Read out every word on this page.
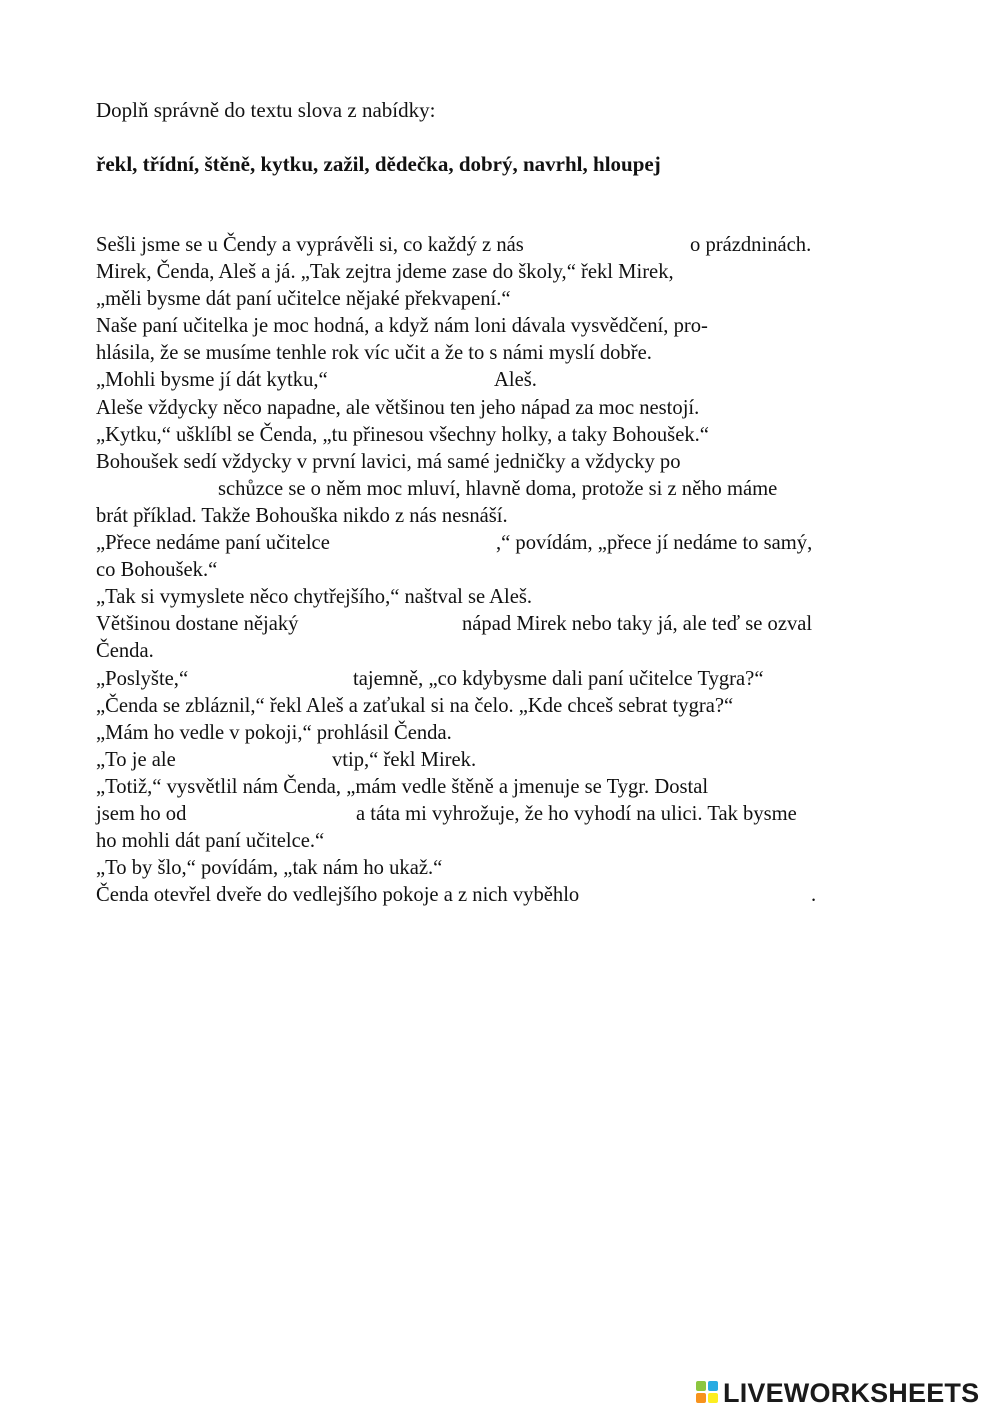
Doplň správně do textu slova z nabídky:
řekl, třídní, štěně, kytku, zažil, dědečka, dobrý, navrhl, hloupej
Sešli jsme se u Čendy a vyprávěli si, co každý z nás	o prázdninách.
Mirek, Čenda, Aleš a já. „Tak zejtra jdeme zase do školy,“ řekl Mirek,
„měli bysme dát paní učitelce nějaké překvapení.“
Naše paní učitelka je moc hodná, a když nám loni dávala vysvědčení, pro-
hlásila, že se musíme tenhle rok víc učit a že to s námi myslí dobře.
„Mohli bysme jí dát kytku,“	Aleš.
Aleše vždycky něco napadne, ale většinou ten jeho nápad za moc nestojí.
„Kytku,“ ušklíbl se Čenda, „tu přinesou všechny holky, a taky Bohoušek.“
Bohoušek sedí vždycky v první lavici, má samé jedničky a vždycky po
schůzce se o něm moc mluví, hlavně doma, protože si z něho máme
brát příklad. Takže Bohouška nikdo z nás nesnáší.
„Přece nedáme paní učitelce	,“ povídám, „přece jí nedáme to samý,
co Bohoušek.“
„Tak si vymyslete něco chytřejšího,“ naštval se Aleš.
Většinou dostane nějaký	nápad Mirek nebo taky já, ale teď se ozval
Čenda.
„Poslyšte,“	tajemně, „co kdybysme dali paní učitelce Tygra?“
„Čenda se zbláznil,“ řekl Aleš a zaťukal si na čelo. „Kde chceš sebrat tygra?“
„Mám ho vedle v pokoji,“ prohlásil Čenda.
„To je ale	vtip,“ řekl Mirek.
„Totiž,“ vysvětlil nám Čenda, „mám vedle štěně a jmenuje se Tygr. Dostal
jsem ho od	a táta mi vyhrožuje, že ho vyhodí na ulici. Tak bysme
ho mohli dát paní učitelce.“
„To by šlo,“ povídám, „tak nám ho ukaž.“
Čenda otevřel dveře do vedlejšího pokoje a z nich vyběhlo	.
LIVEWORKSHEETS
